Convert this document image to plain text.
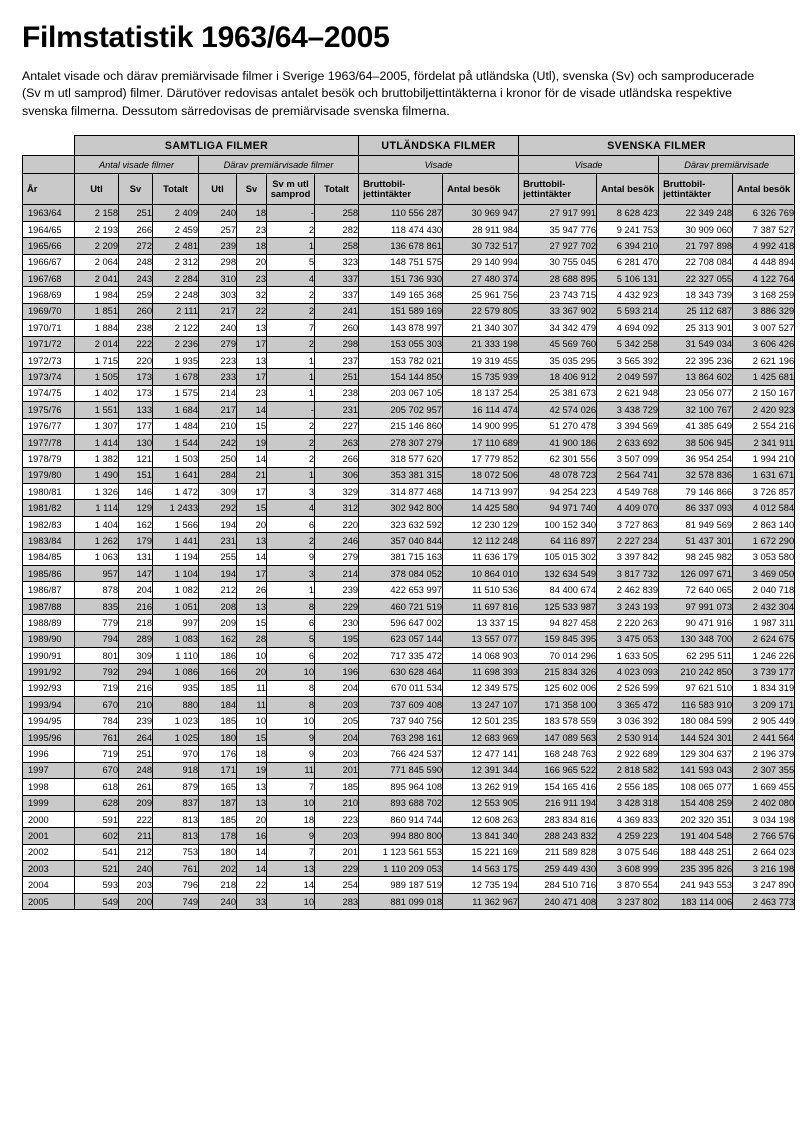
Filmstatistik 1963/64–2005

Antalet visade och därav premiärvisade filmer i Sverige 1963/64–2005, fördelat på utländska (Utl), svenska (Sv) och samproducerade (Sv m utl samprod) filmer. Därutöver redovisas antalet besök och bruttobiljettintäkterna i kronor för de visade utländska respektive svenska filmerna. Dessutom särredovisas de premiärvisade svenska filmerna.

	SAMTLIGA FILMER							UTLÄNDSKA FILMER		SVENSKA FILMER			
	Antal visade filmer			Därav premiärvisade filmer				Visade		Visade		Därav premiärvisade	
År	Utl	Sv	Totalt	Utl	Sv	Sv m utl samprod	Totalt	Bruttobil-jettintäkter	Antal besök	Bruttobil-jettintäkter	Antal besök	Bruttobil-jettintäkter	Antal besök
1963/64	2 158	251	2 409	240	18	-	258	110 556 287	30 969 947	27 917 991	8 628 423	22 349 248	6 326 769
1964/65	2 193	266	2 459	257	23	2	282	118 474 430	28 911 984	35 947 776	9 241 753	30 909 060	7 387 527
1965/66	2 209	272	2 481	239	18	1	258	136 678 861	30 732 517	27 927 702	6 394 210	21 797 898	4 992 418
1966/67	2 064	248	2 312	298	20	5	323	148 751 575	29 140 994	30 755 045	6 281 470	22 708 084	4 448 894
1967/68	2 041	243	2 284	310	23	4	337	151 736 930	27 480 374	28 688 895	5 106 131	22 327 055	4 122 764
1968/69	1 984	259	2 248	303	32	2	337	149 165 368	25 961 756	23 743 715	4 432 923	18 343 739	3 168 259
1969/70	1 851	260	2 111	217	22	2	241	151 589 169	22 579 805	33 367 902	5 593 214	25 112 687	3 886 329
1970/71	1 884	238	2 122	240	13	7	260	143 878 997	21 340 307	34 342 479	4 694 092	25 313 901	3 007 527
1971/72	2 014	222	2 236	279	17	2	298	153 055 303	21 333 198	45 569 760	5 342 258	31 549 034	3 606 426
1972/73	1 715	220	1 935	223	13	1	237	153 782 021	19 319 455	35 035 295	3 565 392	22 395 236	2 621 196
1973/74	1 505	173	1 678	233	17	1	251	154 144 850	15 735 939	18 406 912	2 049 597	13 864 602	1 425 681
1974/75	1 402	173	1 575	214	23	1	238	203 067 105	18 137 254	25 381 673	2 621 948	23 056 077	2 150 167
1975/76	1 551	133	1 684	217	14	-	231	205 702 957	16 114 474	42 574 026	3 438 729	32 100 767	2 420 923
1976/77	1 307	177	1 484	210	15	2	227	215 146 860	14 900 995	51 270 478	3 394 569	41 385 649	2 554 216
1977/78	1 414	130	1 544	242	19	2	263	278 307 279	17 110 689	41 900 186	2 633 692	38 506 945	2 341 911
1978/79	1 382	121	1 503	250	14	2	266	318 577 620	17 779 852	62 301 556	3 507 099	36 954 254	1 994 210
1979/80	1 490	151	1 641	284	21	1	306	353 381 315	18 072 506	48 078 723	2 564 741	32 578 836	1 631 671
1980/81	1 326	146	1 472	309	17	3	329	314 877 468	14 713 997	94 254 223	4 549 768	79 146 866	3 726 857
1981/82	1 114	129	1 2433	292	15	4	312	302 942 800	14 425 580	94 971 740	4 409 070	86 337 093	4 012 584
1982/83	1 404	162	1 566	194	20	6	220	323 632 592	12 230 129	100 152 340	3 727 863	81 949 569	2 863 140
1983/84	1 262	179	1 441	231	13	2	246	357 040 844	12 112 248	64 116 897	2 227 234	51 437 301	1 672 290
1984/85	1 063	131	1 194	255	14	9	279	381 715 163	11 636 179	105 015 302	3 397 842	98 245 982	3 053 580
1985/86	957	147	1 104	194	17	3	214	378 084 052	10 864 010	132 634 549	3 817 732	126 097 671	3 469 050
1986/87	878	204	1 082	212	26	1	239	422 653 997	11 510 536	84 400 674	2 462 839	72 640 065	2 040 718
1987/88	835	216	1 051	208	13	8	229	460 721 519	11 697 816	125 533 987	3 243 193	97 991 073	2 432 304
1988/89	779	218	997	209	15	6	230	596 647 002	13 337 15	94 827 458	2 220 263	90 471 916	1 987 311
1989/90	794	289	1 083	162	28	5	195	623 057 144	13 557 077	159 845 395	3 475 053	130 348 700	2 624 675
1990/91	801	309	1 110	186	10	6	202	717 335 472	14 068 903	70 014 296	1 633 505	62 295 511	1 246 226
1991/92	792	294	1 086	166	20	10	196	630 628 464	11 698 393	215 834 326	4 023 093	210 242 850	3 739 177
1992/93	719	216	935	185	11	8	204	670 011 534	12 349 575	125 602 006	2 526 599	97 621 510	1 834 319
1993/94	670	210	880	184	11	8	203	737 609 408	13 247 107	171 358 100	3 365 472	116 583 910	3 209 171
1994/95	784	239	1 023	185	10	10	205	737 940 756	12 501 235	183 578 559	3 036 392	180 084 599	2 905 449
1995/96	761	264	1 025	180	15	9	204	763 298 161	12 683 969	147 089 563	2 530 914	144 524 301	2 441 564
1996	719	251	970	176	18	9	203	766 424 537	12 477 141	168 248 763	2 922 689	129 304 637	2 196 379
1997	670	248	918	171	19	11	201	771 845 590	12 391 344	166 965 522	2 818 582	141 593 043	2 307 355
1998	618	261	879	165	13	7	185	895 964 108	13 262 919	154 165 416	2 556 185	108 065 077	1 669 455
1999	628	209	837	187	13	10	210	893 688 702	12 553 905	216 911 194	3 428 318	154 408 259	2 402 080
2000	591	222	813	185	20	18	223	860 914 744	12 608 263	283 834 816	4 369 833	202 320 351	3 034 198
2001	602	211	813	178	16	9	203	994 880 800	13 841 340	288 243 832	4 259 223	191 404 548	2 766 576
2002	541	212	753	180	14	7	201	1 123 561 553	15 221 169	211 589 828	3 075 546	188 448 251	2 664 023
2003	521	240	761	202	14	13	229	1 110 209 053	14 563 175	259 449 430	3 608 999	235 395 826	3 216 198
2004	593	203	796	218	22	14	254	989 187 519	12 735 194	284 510 716	3 870 554	241 943 553	3 247 890
2005	549	200	749	240	33	10	283	881 099 018	11 362 967	240 471 408	3 237 802	183 114 006	2 463 773
